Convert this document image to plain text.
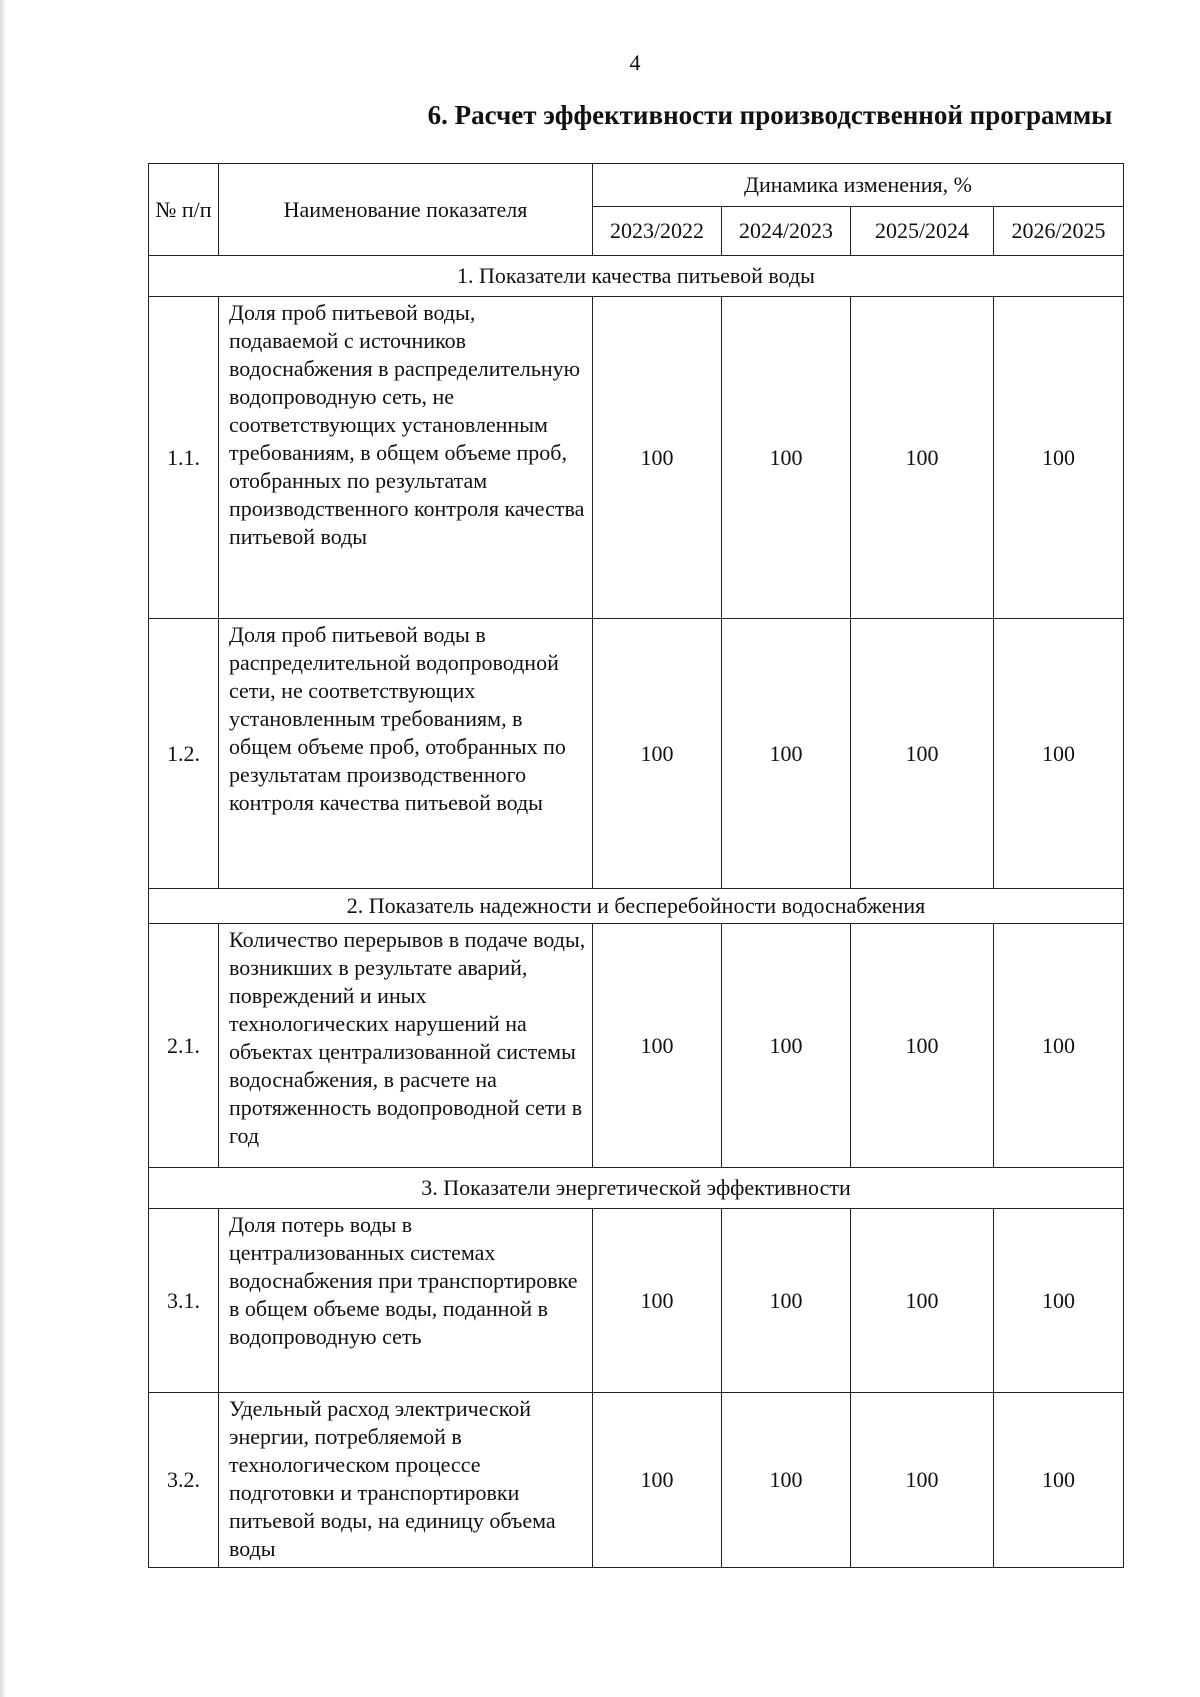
4
6. Расчет эффективности производственной программы
№ п/п	Наименование показателя	Динамика изменения, %			
		2023/2022	2024/2023	2025/2024	2026/2025
1. Показатели качества питьевой воды					
1.1.	Доля проб питьевой воды, подаваемой с источников водоснабжения в распределительную водопроводную сеть, не соответствующих установленным требованиям, в общем объеме проб, отобранных по результатам производственного контроля качества питьевой воды	100	100	100	100
1.2.	Доля проб питьевой воды в распределительной водопроводной сети, не соответствующих установленным требованиям, в общем объеме проб, отобранных по результатам производственного контроля качества питьевой воды	100	100	100	100
2. Показатель надежности и бесперебойности водоснабжения					
2.1.	Количество перерывов в подаче воды, возникших в результате аварий, повреждений и иных технологических нарушений на объектах централизованной системы водоснабжения, в расчете на протяженность водопроводной сети в год	100	100	100	100
3. Показатели энергетической эффективности					
3.1.	Доля потерь воды в централизованных системах водоснабжения при транспортировке в общем объеме воды, поданной в водопроводную сеть	100	100	100	100
3.2.	Удельный расход электрической энергии, потребляемой в технологическом процессе подготовки и транспортировки питьевой воды, на единицу объема воды	100	100	100	100
